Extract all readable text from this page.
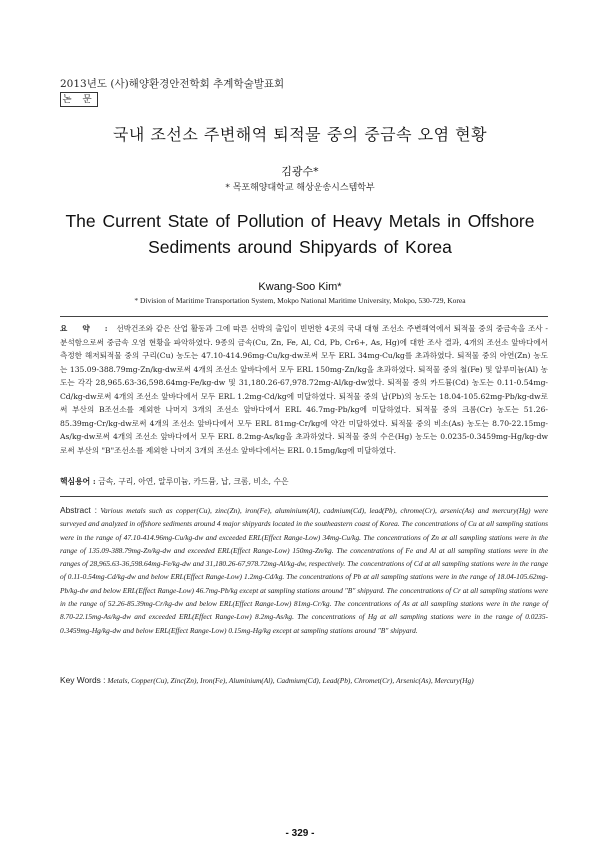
2013년도 (사)해양환경안전학회 추계학술발표회
논 문
국내 조선소 주변해역 퇴적물 중의 중금속 오염 현황
김광수*
* 목포해양대학교 해상운송시스템학부
The Current State of Pollution of Heavy Metals in Offshore
Sediments around Shipyards of Korea
Kwang-Soo Kim*
* Division of Maritime Transportation System, Mokpo National Maritime University, Mokpo, 530-729, Korea
요 약 : 선박건조와 같은 산업 활동과 그에 따른 선박의 출입이 빈번한 4곳의 국내 대형 조선소 주변해역에서 퇴적물 중의 중금속을 조사 - 분석함으로써 중금속 오염 현황을 파악하였다. 9종의 금속(Cu, Zn, Fe, Al, Cd, Pb, Cr6+, As, Hg)에 대한 조사 결과, 4개의 조선소 앞바다에서 측정한 해저퇴적물 중의 구리(Cu) 농도는 47.10-414.96mg-Cu/kg-dw로써 모두 ERL 34mg-Cu/kg를 초과하였다. 퇴적물 중의 아연(Zn) 농도는 135.09-388.79mg-Zn/kg-dw로써 4개의 조선소 앞바다에서 모두 ERL 150mg-Zn/kg을 초과하였다. 퇴적물 중의 철(Fe) 및 알루미늄(Al) 농도는 각각 28,965.63-36,598.64mg-Fe/kg-dw 및 31,180.26-67,978.72mg-Al/kg-dw였다. 퇴적물 중의 카드뮴(Cd) 농도는 0.11-0.54mg-Cd/kg-dw로써 4개의 조선소 앞바다에서 모두 ERL 1.2mg-Cd/kg에 미달하였다. 퇴적물 중의 납(Pb)의 농도는 18.04-105.62mg-Pb/kg-dw로써 부산의 B조선소를 제외한 나머지 3개의 조선소 앞바다에서 ERL 46.7mg-Pb/kg에 미달하였다. 퇴적물 중의 크롬(Cr) 농도는 51.26-85.39mg-Cr/kg-dw로써 4개의 조선소 앞바다에서 모두 ERL 81mg-Cr/kg에 약간 미달하였다. 퇴적물 중의 비소(As) 농도는 8.70-22.15mg-As/kg-dw로써 4개의 조선소 앞바다에서 모두 ERL 8.2mg-As/kg을 초과하였다. 퇴적물 중의 수은(Hg) 농도는 0.0235-0.3459mg-Hg/kg-dw로써 부산의 "B"조선소를 제외한 나머지 3개의 조선소 앞바다에서는 ERL 0.15mg/kg에 미달하였다.
핵심용어 : 금속, 구리, 아연, 알루미늄, 카드뮴, 납, 크롬, 비소, 수은
Abstract : Various metals such as copper(Cu), zinc(Zn), iron(Fe), aluminium(Al), cadmium(Cd), lead(Pb), chrome(Cr), arsenic(As) and mercury(Hg) were surveyed and analyzed in offshore sediments around 4 major shipyards located in the southeastern coast of Korea. The concentrations of Cu at all sampling stations were in the range of 47.10-414.96mg-Cu/kg-dw and exceeded ERL(Effect Range-Low) 34mg-Cu/kg. The concentrations of Zn at all sampling stations were in the range of 135.09-388.79mg-Zn/kg-dw and exceeded ERL(Effect Range-Low) 150mg-Zn/kg. The concentrations of Fe and Al at all sampling stations were in the ranges of 28,965.63-36,598.64mg-Fe/kg-dw and 31,180.26-67,978.72mg-Al/kg-dw, respectively. The concentrations of Cd at all sampling stations were in the range of 0.11-0.54mg-Cd/kg-dw and below ERL(Effect Range-Low) 1.2mg-Cd/kg. The concentrations of Pb at all sampling stations were in the range of 18.04-105.62mg-Pb/kg-dw and below ERL(Effect Range-Low) 46.7mg-Pb/kg except at sampling stations around "B" shipyard. The concentrations of Cr at all sampling stations were in the range of 52.26-85.39mg-Cr/kg-dw and below ERL(Effect Range-Low) 81mg-Cr/kg. The concentrations of As at all sampling stations were in the range of 8.70-22.15mg-As/kg-dw and exceeded ERL(Effect Range-Low) 8.2mg-As/kg. The concentrations of Hg at all sampling stations were in the range of 0.0235-0.3459mg-Hg/kg-dw and below ERL(Effect Range-Low) 0.15mg-Hg/kg except at sampling stations around "B" shipyard.
Key Words : Metals, Copper(Cu), Zinc(Zn), Iron(Fe), Aluminium(Al), Cadmium(Cd), Lead(Pb), Chromet(Cr), Arsenic(As), Mercury(Hg)
- 329 -
